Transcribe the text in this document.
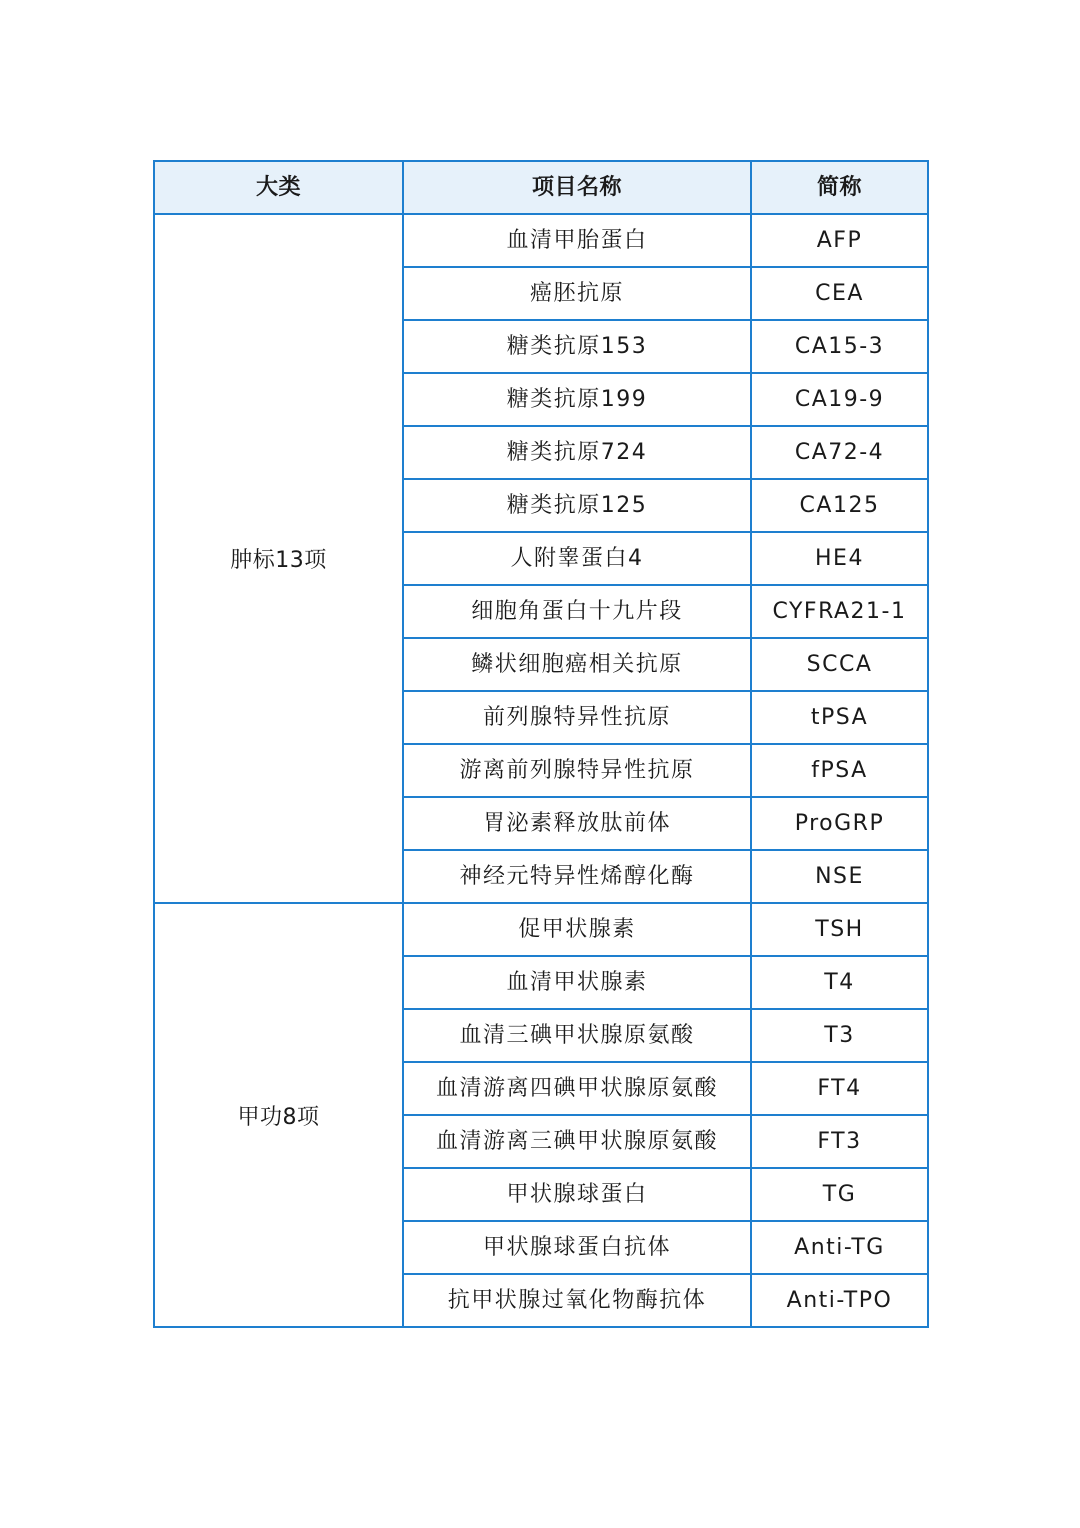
大类	项目名称	简称
肿标13项	血清甲胎蛋白	AFP
	癌胚抗原	CEA
	糖类抗原153	CA15-3
	糖类抗原199	CA19-9
	糖类抗原724	CA72-4
	糖类抗原125	CA125
	人附睾蛋白4	HE4
	细胞角蛋白十九片段	CYFRA21-1
	鳞状细胞癌相关抗原	SCCA
	前列腺特异性抗原	tPSA
	游离前列腺特异性抗原	fPSA
	胃泌素释放肽前体	ProGRP
	神经元特异性烯醇化酶	NSE
甲功8项	促甲状腺素	TSH
	血清甲状腺素	T4
	血清三碘甲状腺原氨酸	T3
	血清游离四碘甲状腺原氨酸	FT4
	血清游离三碘甲状腺原氨酸	FT3
	甲状腺球蛋白	TG
	甲状腺球蛋白抗体	Anti-TG
	抗甲状腺过氧化物酶抗体	Anti-TPO
